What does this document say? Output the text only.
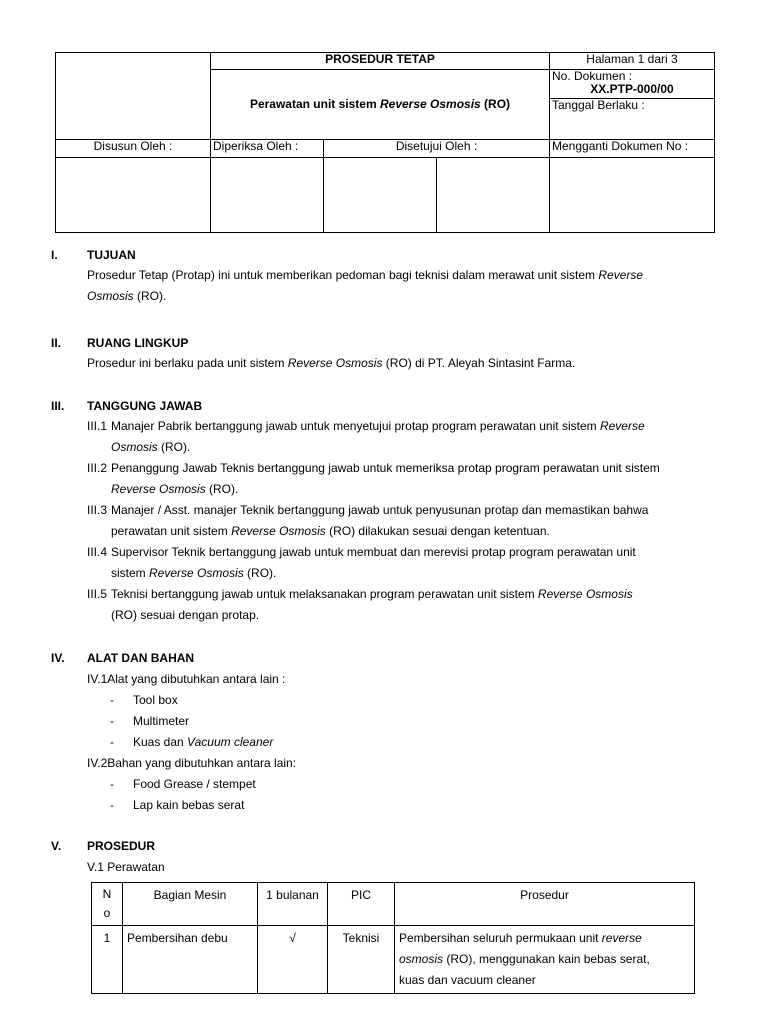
	PROSEDUR TETAP			Halaman 1 dari 3
	Perawatan unit sistem Reverse Osmosis (RO)			No. Dokumen :
XX.PTP-000/00

				Tanggal Berlaku :
Disusun Oleh :	Diperiksa Oleh :	Disetujui Oleh :		Mengganti Dokumen No :

I. TUJUAN
Prosedur Tetap (Protap) ini untuk memberikan pedoman bagi teknisi dalam merawat unit sistem Reverse
Osmosis (RO).
II. RUANG LINGKUP
Prosedur ini berlaku pada unit sistem Reverse Osmosis (RO) di PT. Aleyah Sintasint Farma.
III. TANGGUNG JAWAB
III.1 Manajer Pabrik bertanggung jawab untuk menyetujui protap program perawatan unit sistem Reverse
Osmosis (RO).
III.2 Penanggung Jawab Teknis bertanggung jawab untuk memeriksa protap program perawatan unit sistem
Reverse Osmosis (RO).
III.3 Manajer / Asst. manajer Teknik bertanggung jawab untuk penyusunan protap dan memastikan bahwa
perawatan unit sistem Reverse Osmosis (RO) dilakukan sesuai dengan ketentuan.
III.4 Supervisor Teknik bertanggung jawab untuk membuat dan merevisi protap program perawatan unit
sistem Reverse Osmosis (RO).
III.5 Teknisi bertanggung jawab untuk melaksanakan program perawatan unit sistem Reverse Osmosis
(RO) sesuai dengan protap.
IV. ALAT DAN BAHAN
IV.1Alat yang dibutuhkan antara lain :
- Tool box
- Multimeter
- Kuas dan Vacuum cleaner
IV.2Bahan yang dibutuhkan antara lain:
- Food Grease / stempet
- Lap kain bebas serat
V. PROSEDUR
V.1 Perawatan
N
o	Bagian Mesin	1 bulanan	PIC	Prosedur
1	Pembersihan debu	√	Teknisi	Pembersihan seluruh permukaan unit reverse
osmosis (RO), menggunakan kain bebas serat,
kuas dan vacuum cleaner
